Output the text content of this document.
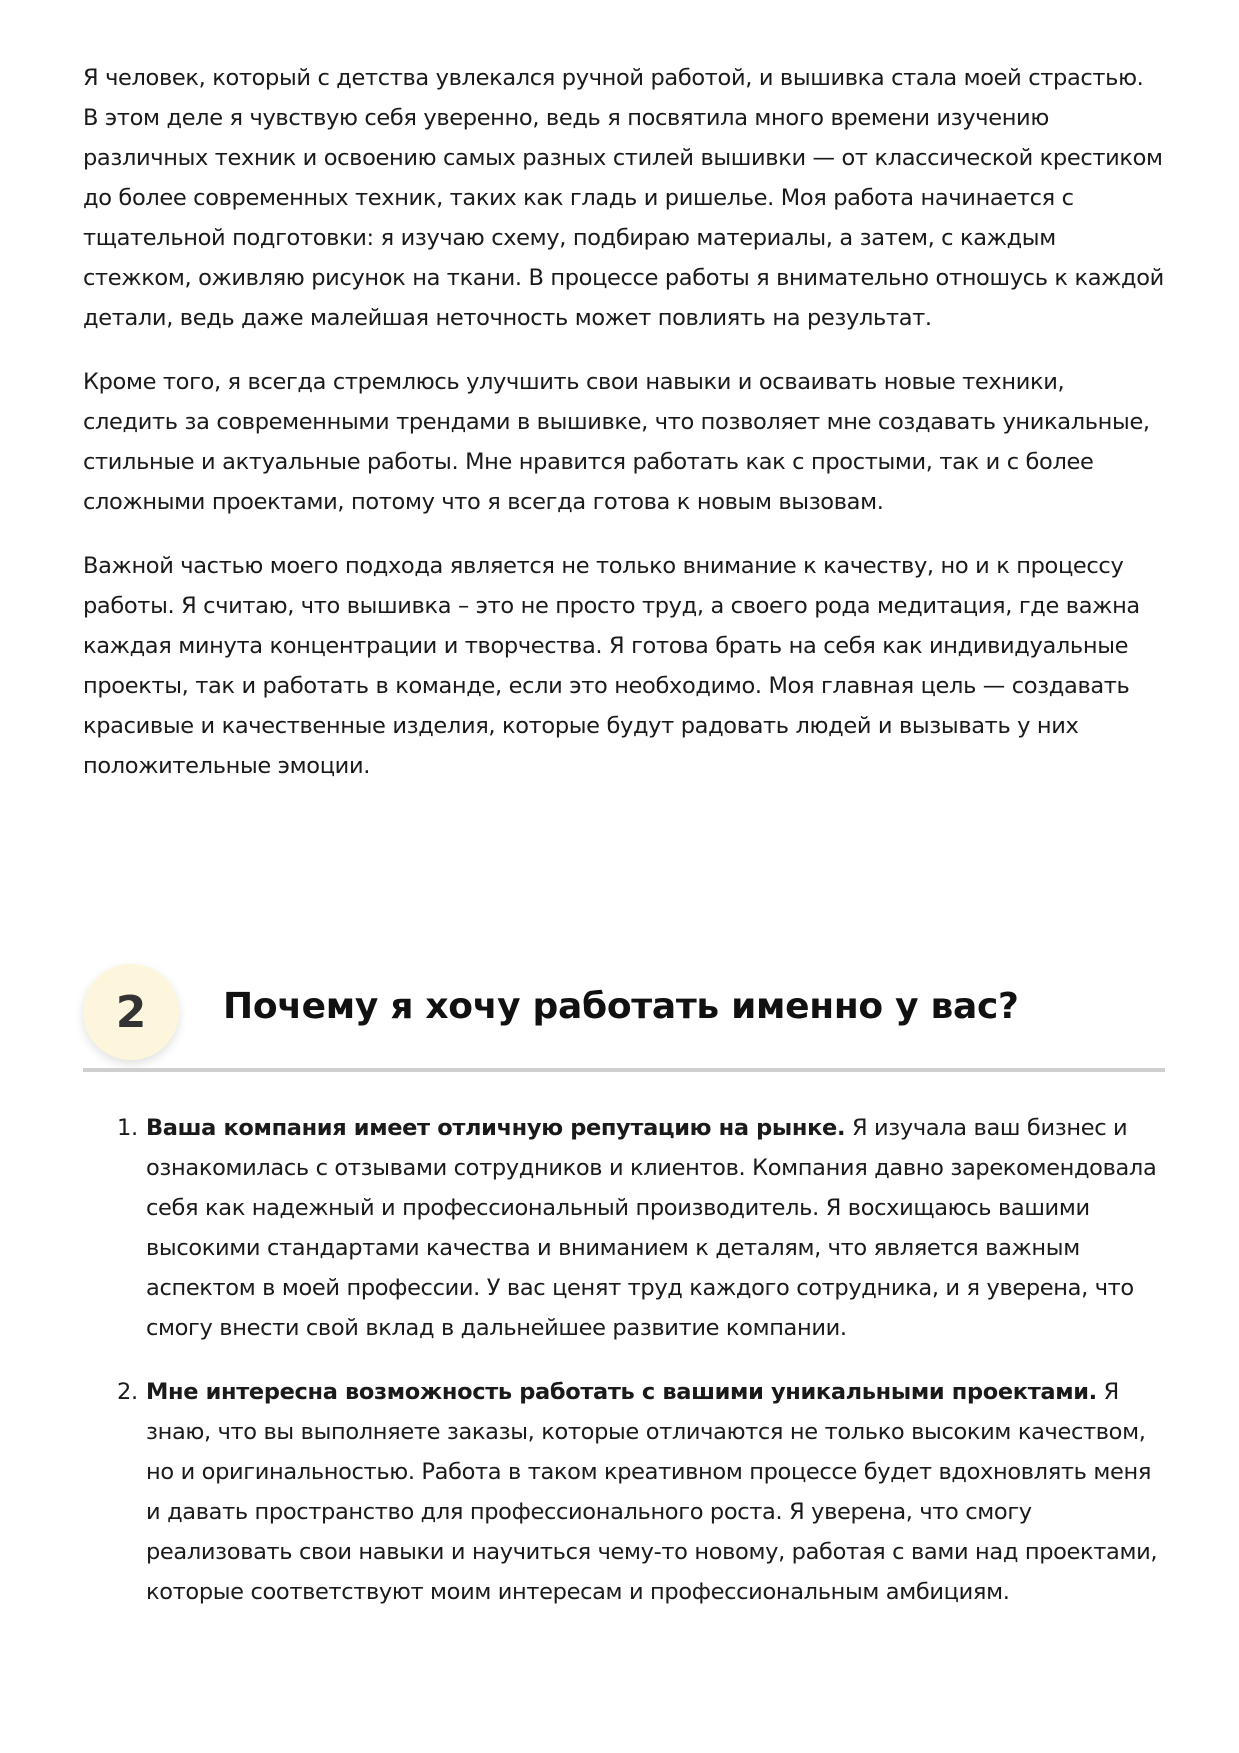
Я человек, который с детства увлекался ручной работой, и вышивка стала моей страстью. В этом деле я чувствую себя уверенно, ведь я посвятила много времени изучению различных техник и освоению самых разных стилей вышивки — от классической крестиком до более современных техник, таких как гладь и ришелье. Моя работа начинается с тщательной подготовки: я изучаю схему, подбираю материалы, а затем, с каждым стежком, оживляю рисунок на ткани. В процессе работы я внимательно отношусь к каждой детали, ведь даже малейшая неточность может повлиять на результат.

Кроме того, я всегда стремлюсь улучшить свои навыки и осваивать новые техники, следить за современными трендами в вышивке, что позволяет мне создавать уникальные, стильные и актуальные работы. Мне нравится работать как с простыми, так и с более сложными проектами, потому что я всегда готова к новым вызовам.

Важной частью моего подхода является не только внимание к качеству, но и к процессу работы. Я считаю, что вышивка – это не просто труд, а своего рода медитация, где важна каждая минута концентрации и творчества. Я готова брать на себя как индивидуальные проекты, так и работать в команде, если это необходимо. Моя главная цель — создавать красивые и качественные изделия, которые будут радовать людей и вызывать у них положительные эмоции.

2	Почему я хочу работать именно у вас?
1. Ваша компания имеет отличную репутацию на рынке. Я изучала ваш бизнес и ознакомилась с отзывами сотрудников и клиентов. Компания давно зарекомендовала себя как надежный и профессиональный производитель. Я восхищаюсь вашими высокими стандартами качества и вниманием к деталям, что является важным аспектом в моей профессии. У вас ценят труд каждого сотрудника, и я уверена, что смогу внести свой вклад в дальнейшее развитие компании.
2. Мне интересна возможность работать с вашими уникальными проектами. Я знаю, что вы выполняете заказы, которые отличаются не только высоким качеством, но и оригинальностью. Работа в таком креативном процессе будет вдохновлять меня и давать пространство для профессионального роста. Я уверена, что смогу реализовать свои навыки и научиться чему-то новому, работая с вами над проектами, которые соответствуют моим интересам и профессиональным амбициям.
